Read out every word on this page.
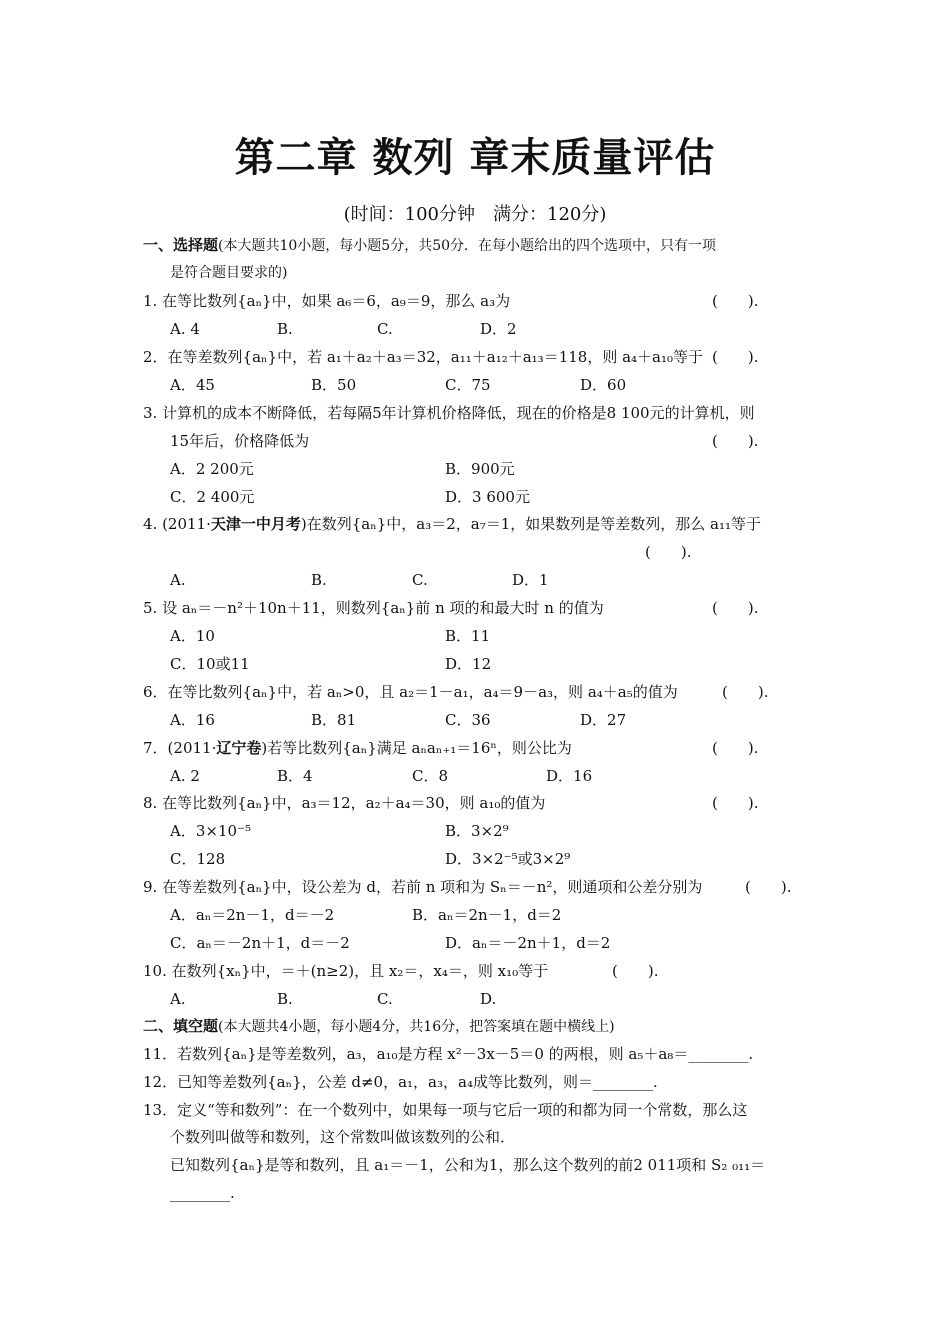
第二章 数列 章末质量评估
(时间：100分钟　满分：120分)
一、选择题(本大题共10小题，每小题5分，共50分．在每小题给出的四个选项中，只有一项
是符合题目要求的)
1. 在等比数列{aₙ}中，如果 a₆＝6，a₉＝9，那么 a₃为	(　　).
A. 4	B.	C.	D．2
2．在等差数列{aₙ}中，若 a₁＋a₂＋a₃＝32，a₁₁＋a₁₂＋a₁₃＝118，则 a₄＋a₁₀等于 (　　).
A．45	B．50	C．75	D．60
3. 计算机的成本不断降低，若每隔5年计算机价格降低，现在的价格是8 100元的计算机，则
15年后，价格降低为	(　　).
A．2 200元	B．900元
C．2 400元	D．3 600元
4. (2011·天津一中月考)在数列{aₙ}中，a₃＝2，a₇＝1，如果数列是等差数列，那么 a₁₁等于
(　　).
A.	B.	C.	D．1
5. 设 aₙ＝－n²＋10n＋11，则数列{aₙ}前 n 项的和最大时 n 的值为	(　　).
A．10	B．11
C．10或11	D．12
6．在等比数列{aₙ}中，若 aₙ>0，且 a₂＝1－a₁，a₄＝9－a₃，则 a₄＋a₅的值为	(　　).
A．16	B．81	C．36	D．27
7．(2011·辽宁卷)若等比数列{aₙ}满足 aₙaₙ₊₁＝16ⁿ，则公比为	(　　).
A. 2	B．4	C．8	D．16
8. 在等比数列{aₙ}中，a₃＝12，a₂＋a₄＝30，则 a₁₀的值为	(　　).
A．3×10⁻⁵	B．3×2⁹
C．128	D．3×2⁻⁵或3×2⁹
9. 在等差数列{aₙ}中，设公差为 d，若前 n 项和为 Sₙ＝－n²，则通项和公差分别为	(　　).
A．aₙ＝2n－1，d＝－2	B．aₙ＝2n－1，d＝2
C．aₙ＝－2n＋1，d＝－2	D．aₙ＝－2n＋1，d＝2
10. 在数列{xₙ}中，＝＋(n≥2)，且 x₂＝，x₄＝，则 x₁₀等于	(　　).
A.	B.	C.	D.
二、填空题(本大题共4小题，每小题4分，共16分，把答案填在题中横线上)
11．若数列{aₙ}是等差数列，a₃，a₁₀是方程 x²－3x－5＝0 的两根，则 a₅＋a₈＝________.
12．已知等差数列{aₙ}，公差 d≠0，a₁，a₃，a₄成等比数列，则＝________.
13．定义“等和数列”：在一个数列中，如果每一项与它后一项的和都为同一个常数，那么这
个数列叫做等和数列，这个常数叫做该数列的公和．
已知数列{aₙ}是等和数列，且 a₁＝－1，公和为1，那么这个数列的前2 011项和 S₂ ₀₁₁＝
________.
